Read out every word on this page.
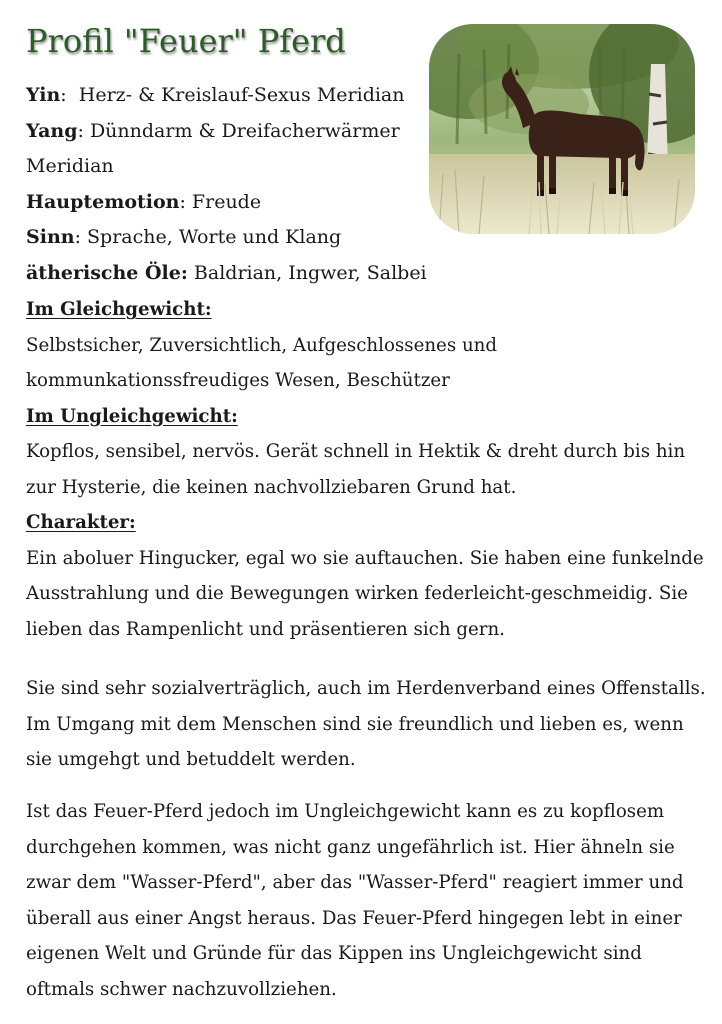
Profil "Feuer" Pferd
Yin:  Herz- & Kreislauf-Sexus Meridian
Yang: Dünndarm & Dreifacherwärmer
Meridian
Hauptemotion: Freude
Sinn: Sprache, Worte und Klang
ätherische Öle: Baldrian, Ingwer, Salbei
Im Gleichgewicht:
Selbstsicher, Zuversichtlich, Aufgeschlossenes und
kommunkationssfreudiges Wesen, Beschützer
Im Ungleichgewicht:
Kopflos, sensibel, nervös. Gerät schnell in Hektik & dreht durch bis hin
zur Hysterie, die keinen nachvollziebaren Grund hat.
Charakter:
Ein aboluer Hingucker, egal wo sie auftauchen. Sie haben eine funkelnde
Ausstrahlung und die Bewegungen wirken federleicht-geschmeidig. Sie
lieben das Rampenlicht und präsentieren sich gern.
Sie sind sehr sozialverträglich, auch im Herdenverband eines Offenstalls.
Im Umgang mit dem Menschen sind sie freundlich und lieben es, wenn
sie umgehgt und betuddelt werden.
Ist das Feuer-Pferd jedoch im Ungleichgewicht kann es zu kopflosem
durchgehen kommen, was nicht ganz ungefährlich ist. Hier ähneln sie
zwar dem "Wasser-Pferd", aber das "Wasser-Pferd" reagiert immer und
überall aus einer Angst heraus. Das Feuer-Pferd hingegen lebt in einer
eigenen Welt und Gründe für das Kippen ins Ungleichgewicht sind
oftmals schwer nachzuvollziehen.
